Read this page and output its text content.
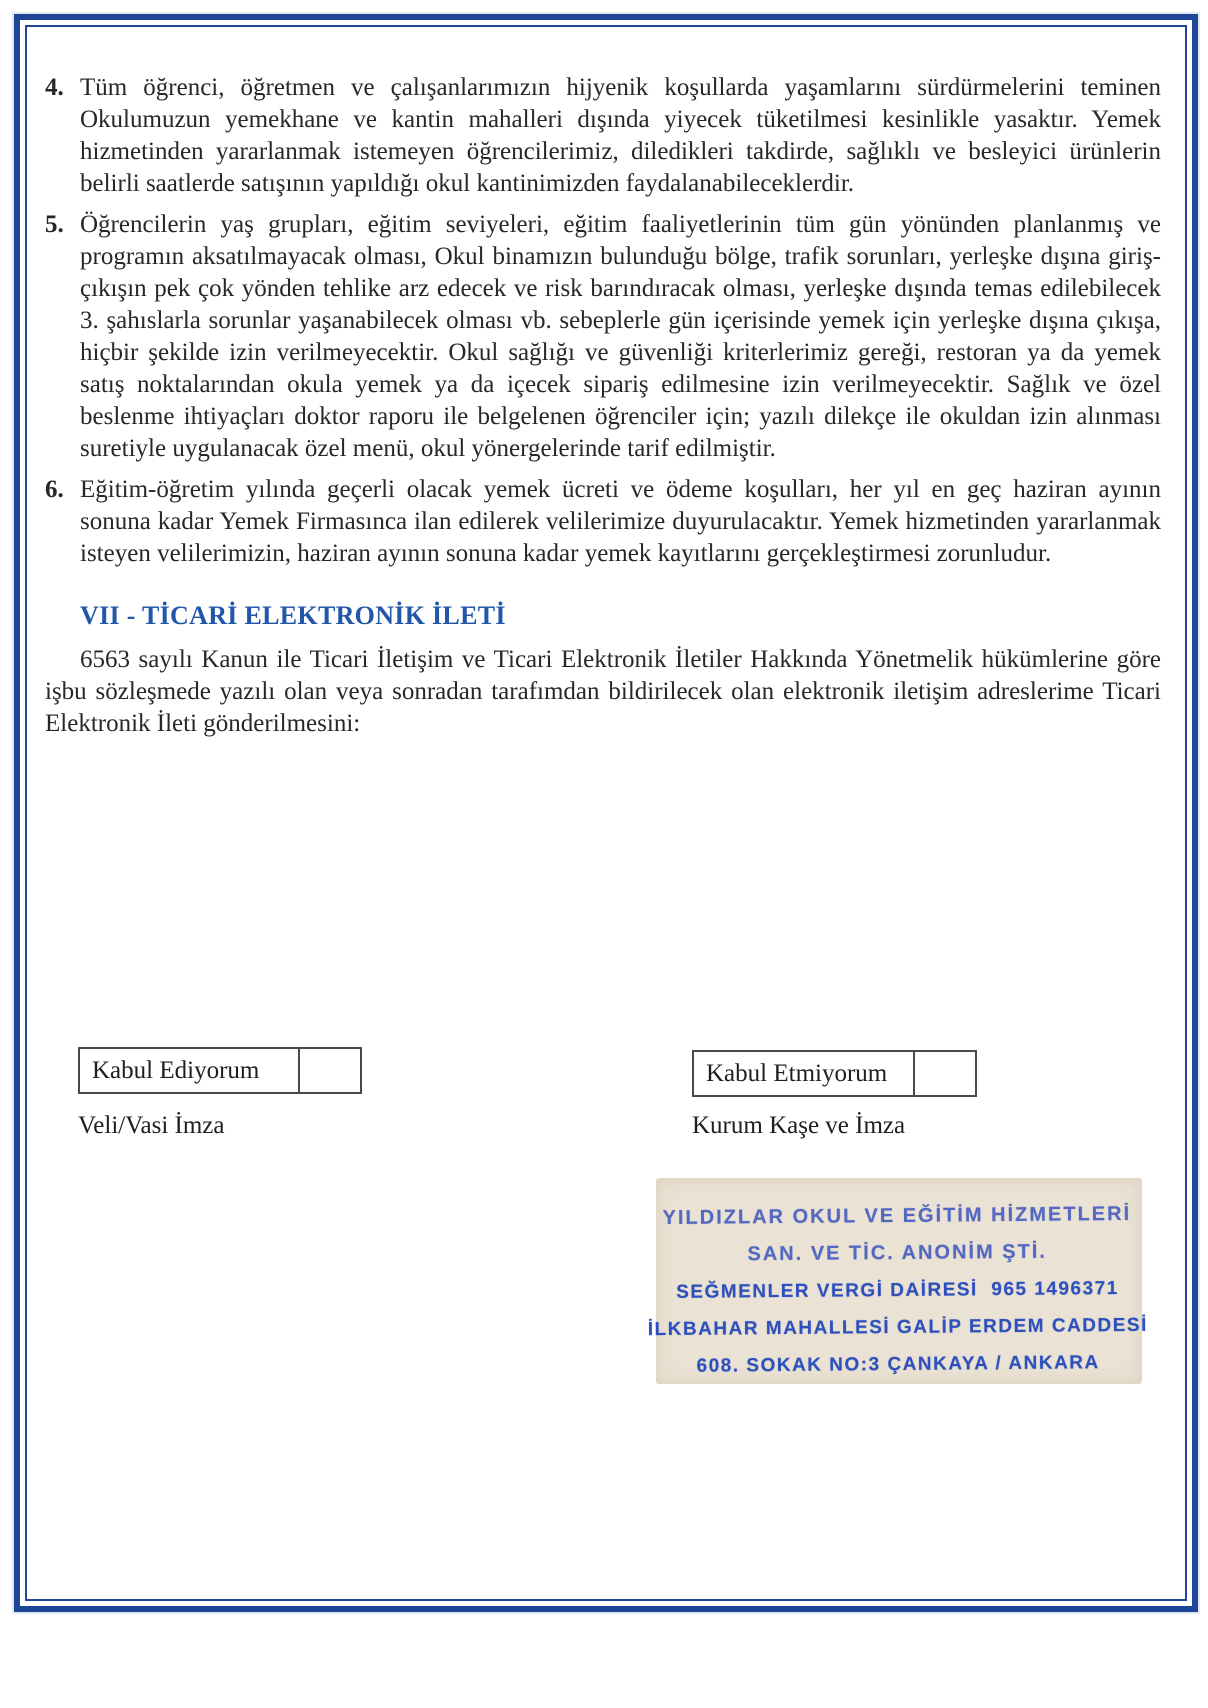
4. Tüm öğrenci, öğretmen ve çalışanlarımızın hijyenik koşullarda yaşamlarını sürdürmelerini teminen Okulumuzun yemekhane ve kantin mahalleri dışında yiyecek tüketilmesi kesinlikle yasaktır. Yemek hizmetinden yararlanmak istemeyen öğrencilerimiz, diledikleri takdirde, sağlıklı ve besleyici ürünlerin belirli saatlerde satışının yapıldığı okul kantinimizden faydalanabileceklerdir.
5. Öğrencilerin yaş grupları, eğitim seviyeleri, eğitim faaliyetlerinin tüm gün yönünden planlanmış ve programın aksatılmayacak olması, Okul binamızın bulunduğu bölge, trafik sorunları, yerleşke dışına giriş-çıkışın pek çok yönden tehlike arz edecek ve risk barındıracak olması, yerleşke dışında temas edilebilecek 3. şahıslarla sorunlar yaşanabilecek olması vb. sebeplerle gün içerisinde yemek için yerleşke dışına çıkışa, hiçbir şekilde izin verilmeyecektir. Okul sağlığı ve güvenliği kriterlerimiz gereği, restoran ya da yemek satış noktalarından okula yemek ya da içecek sipariş edilmesine izin verilmeyecektir. Sağlık ve özel beslenme ihtiyaçları doktor raporu ile belgelenen öğrenciler için; yazılı dilekçe ile okuldan izin alınması suretiyle uygulanacak özel menü, okul yönergelerinde tarif edilmiştir.
6. Eğitim-öğretim yılında geçerli olacak yemek ücreti ve ödeme koşulları, her yıl en geç haziran ayının sonuna kadar Yemek Firmasınca ilan edilerek velilerimize duyurulacaktır. Yemek hizmetinden yararlanmak isteyen velilerimizin, haziran ayının sonuna kadar yemek kayıtlarını gerçekleştirmesi zorunludur.
VII - TİCARİ ELEKTRONİK İLETİ

6563 sayılı Kanun ile Ticari İletişim ve Ticari Elektronik İletiler Hakkında Yönetmelik hükümlerine göre işbu sözleşmede yazılı olan veya sonradan tarafımdan bildirilecek olan elektronik iletişim adreslerime Ticari Elektronik İleti gönderilmesini:

Kabul Ediyorum	Kabul Etmiyorum
Veli/Vasi İmza	Kurum Kaşe ve İmza
YILDIZLAR OKUL VE EĞİTİM HİZMETLERİ
SAN. VE TİC. ANONİM ŞTİ.
SEĞMENLER VERGİ DAİRESİ  965 1496371
İLKBAHAR MAHALLESİ GALİP ERDEM CADDESİ
608. SOKAK NO:3 ÇANKAYA / ANKARA
